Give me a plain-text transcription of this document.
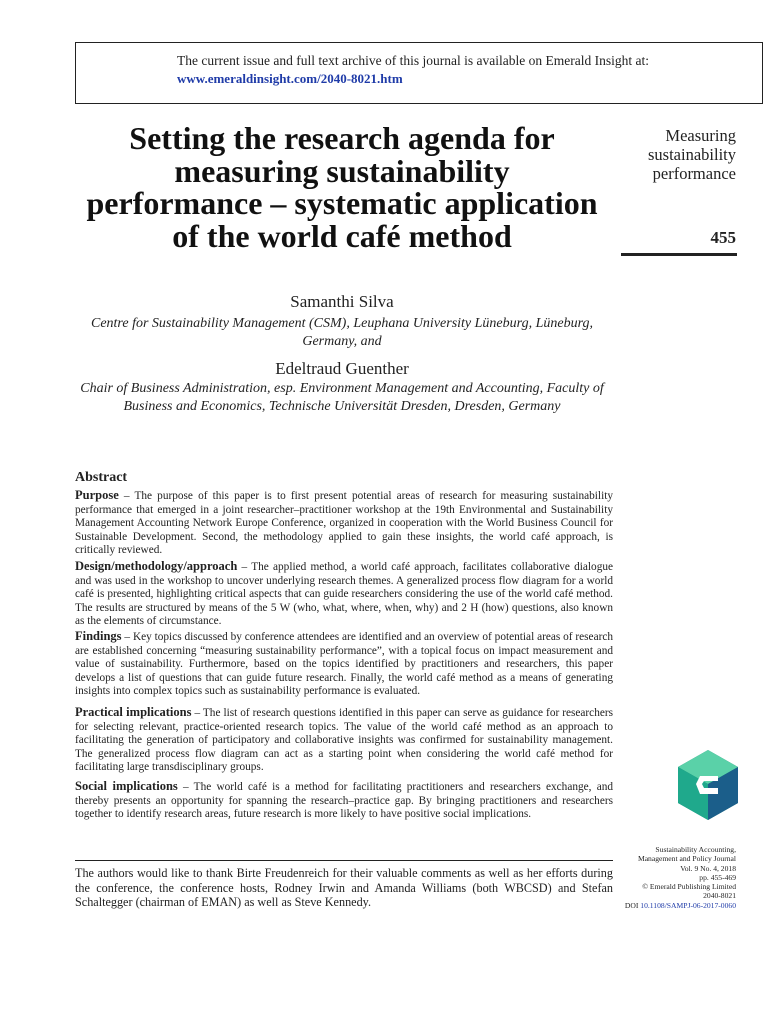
The current issue and full text archive of this journal is available on Emerald Insight at:
www.emeraldinsight.com/2040-8021.htm
Setting the research agenda for measuring sustainability performance – systematic application of the world café method
Measuring sustainability performance
455
Samanthi Silva
Centre for Sustainability Management (CSM), Leuphana University Lüneburg, Lüneburg, Germany, and
Edeltraud Guenther
Chair of Business Administration, esp. Environment Management and Accounting, Faculty of Business and Economics, Technische Universität Dresden, Dresden, Germany
Abstract
Purpose – The purpose of this paper is to first present potential areas of research for measuring sustainability performance that emerged in a joint researcher–practitioner workshop at the 19th Environmental and Sustainability Management Accounting Network Europe Conference, organized in cooperation with the World Business Council for Sustainable Development. Second, the methodology applied to gain these insights, the world café approach, is critically reviewed.
Design/methodology/approach – The applied method, a world café approach, facilitates collaborative dialogue and was used in the workshop to uncover underlying research themes. A generalized process flow diagram for a world café is presented, highlighting critical aspects that can guide researchers considering the use of the world café method. The results are structured by means of the 5 W (who, what, where, when, why) and 2 H (how) questions, also known as the elements of circumstance.
Findings – Key topics discussed by conference attendees are identified and an overview of potential areas of research are established concerning “measuring sustainability performance”, with a topical focus on impact measurement and value of sustainability. Furthermore, based on the topics identified by practitioners and researchers, this paper develops a list of questions that can guide future research. Finally, the world café method as a means of generating insights into complex topics such as sustainability performance is evaluated.
Practical implications – The list of research questions identified in this paper can serve as guidance for researchers for selecting relevant, practice-oriented research topics. The value of the world café method as an approach to facilitating the generation of participatory and collaborative insights was confirmed for sustainability management. The generalized process flow diagram can act as a starting point when considering the world café method for facilitating large transdisciplinary groups.
Social implications – The world café is a method for facilitating practitioners and researchers exchange, and thereby presents an opportunity for spanning the research–practice gap. By bringing practitioners and researchers together to identify research areas, future research is more likely to have positive social implications.
The authors would like to thank Birte Freudenreich for their valuable comments as well as her efforts during the conference, the conference hosts, Rodney Irwin and Amanda Williams (both WBCSD) and Stefan Schaltegger (chairman of EMAN) as well as Steve Kennedy.
Sustainability Accounting,
Management and Policy Journal
Vol. 9 No. 4, 2018
pp. 455-469
© Emerald Publishing Limited
2040-8021
DOI 10.1108/SAMPJ-06-2017-0060
